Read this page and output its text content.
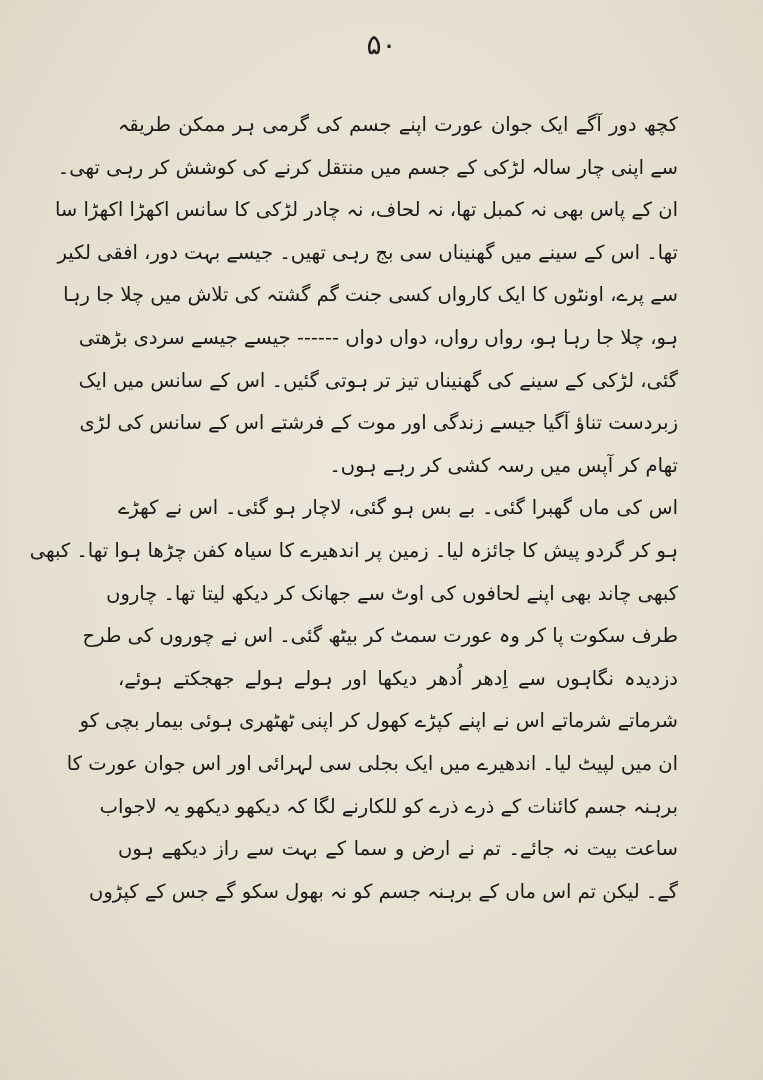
۵۰
کچھ دور آگے ایک جوان عورت اپنے جسم کی گرمی ہر ممکن طریقہ
سے اپنی چار سالہ لڑکی کے جسم میں منتقل کرنے کی کوشش کر رہی تھی۔
ان کے پاس بھی نہ کمبل تھا، نہ لحاف، نہ چادر لڑکی کا سانس اکھڑا اکھڑا سا
تھا۔ اس کے سینے میں گھنیناں سی بج رہی تھیں۔ جیسے بہت دور، افقی لکیر
سے پرے، اونٹوں کا ایک کارواں کسی جنت گم گشتہ کی تلاش میں چلا جا رہا
ہو، چلا جا رہا ہو، رواں رواں، دواں دواں ------ جیسے جیسے سردی بڑھتی
گئی، لڑکی کے سینے کی گھنیناں تیز تر ہوتی گئیں۔ اس کے سانس میں ایک
زبردست تناؤ آگیا جیسے زندگی اور موت کے فرشتے اس کے سانس کی لڑی
تھام کر آپس میں رسہ کشی کر رہے ہوں۔
اس کی ماں گھبرا گئی۔ بے بس ہو گئی، لاچار ہو گئی۔ اس نے کھڑے
ہو کر گردو پیش کا جائزہ لیا۔ زمین پر اندھیرے کا سیاہ کفن چڑھا ہوا تھا۔ کبھی
کبھی چاند بھی اپنے لحافوں کی اوٹ سے جھانک کر دیکھ لیتا تھا۔ چاروں
طرف سکوت پا کر وہ عورت سمٹ کر بیٹھ گئی۔ اس نے چوروں کی طرح
دزدیدہ نگاہوں سے اِدھر اُدھر دیکھا اور ہولے ہولے جھجکتے ہوئے،
شرماتے شرماتے اس نے اپنے کپڑے کھول کر اپنی ٹھٹھری ہوئی بیمار بچی کو
ان میں لپیٹ لیا۔ اندھیرے میں ایک بجلی سی لہرائی اور اس جوان عورت کا
برہنہ جسم کائنات کے ذرے ذرے کو للکارنے لگا کہ دیکھو دیکھو یہ لاجواب
ساعت بیت نہ جائے۔ تم نے ارض و سما کے بہت سے راز دیکھے ہوں
گے۔ لیکن تم اس ماں کے برہنہ جسم کو نہ بھول سکو گے جس کے کپڑوں
